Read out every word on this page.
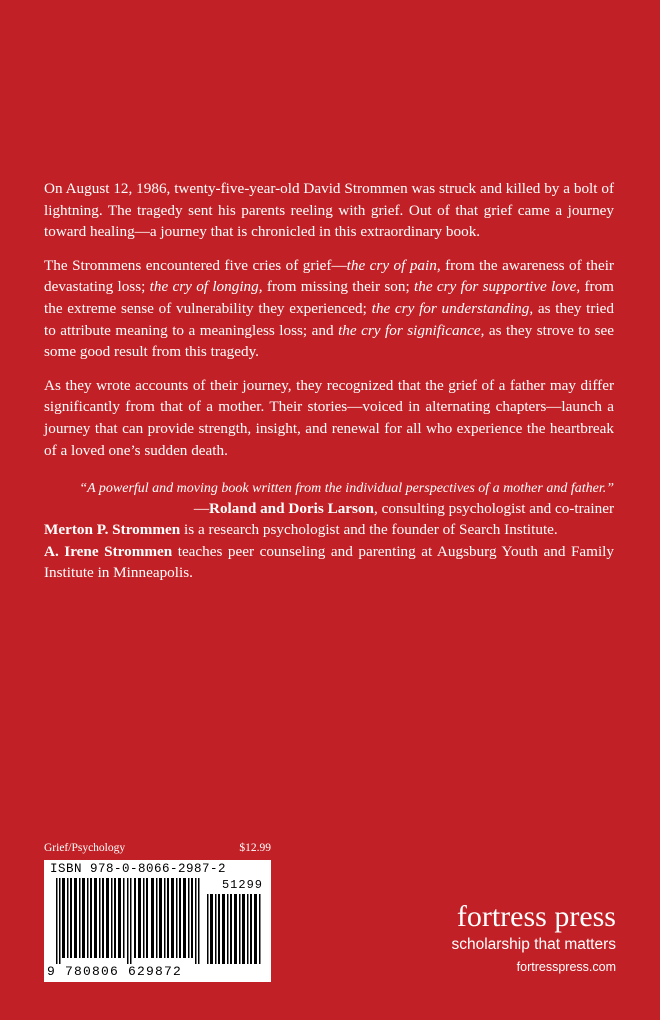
On August 12, 1986, twenty-five-year-old David Strommen was struck and killed by a bolt of lightning. The tragedy sent his parents reeling with grief. Out of that grief came a journey toward healing—a journey that is chronicled in this extraordinary book.

The Strommens encountered five cries of grief—the cry of pain, from the awareness of their devastating loss; the cry of longing, from missing their son; the cry for supportive love, from the extreme sense of vulnerability they experienced; the cry for understanding, as they tried to attribute meaning to a meaningless loss; and the cry for significance, as they strove to see some good result from this tragedy.

As they wrote accounts of their journey, they recognized that the grief of a father may differ significantly from that of a mother. Their stories—voiced in alternating chapters—launch a journey that can provide strength, insight, and renewal for all who experience the heartbreak of a loved one’s sudden death.

“A powerful and moving book written from the individual perspectives of a mother and father.”
—Roland and Doris Larson, consulting psychologist and co-trainer

Merton P. Strommen is a research psychologist and the founder of Search Institute.
A. Irene Strommen teaches peer counseling and parenting at Augsburg Youth and Family Institute in Minneapolis.

Grief/Psychology	$12.99
ISBN 978-0-8066-2987-2
51299
9 780806 629872
fortress press
scholarship that matters
fortresspress.com
